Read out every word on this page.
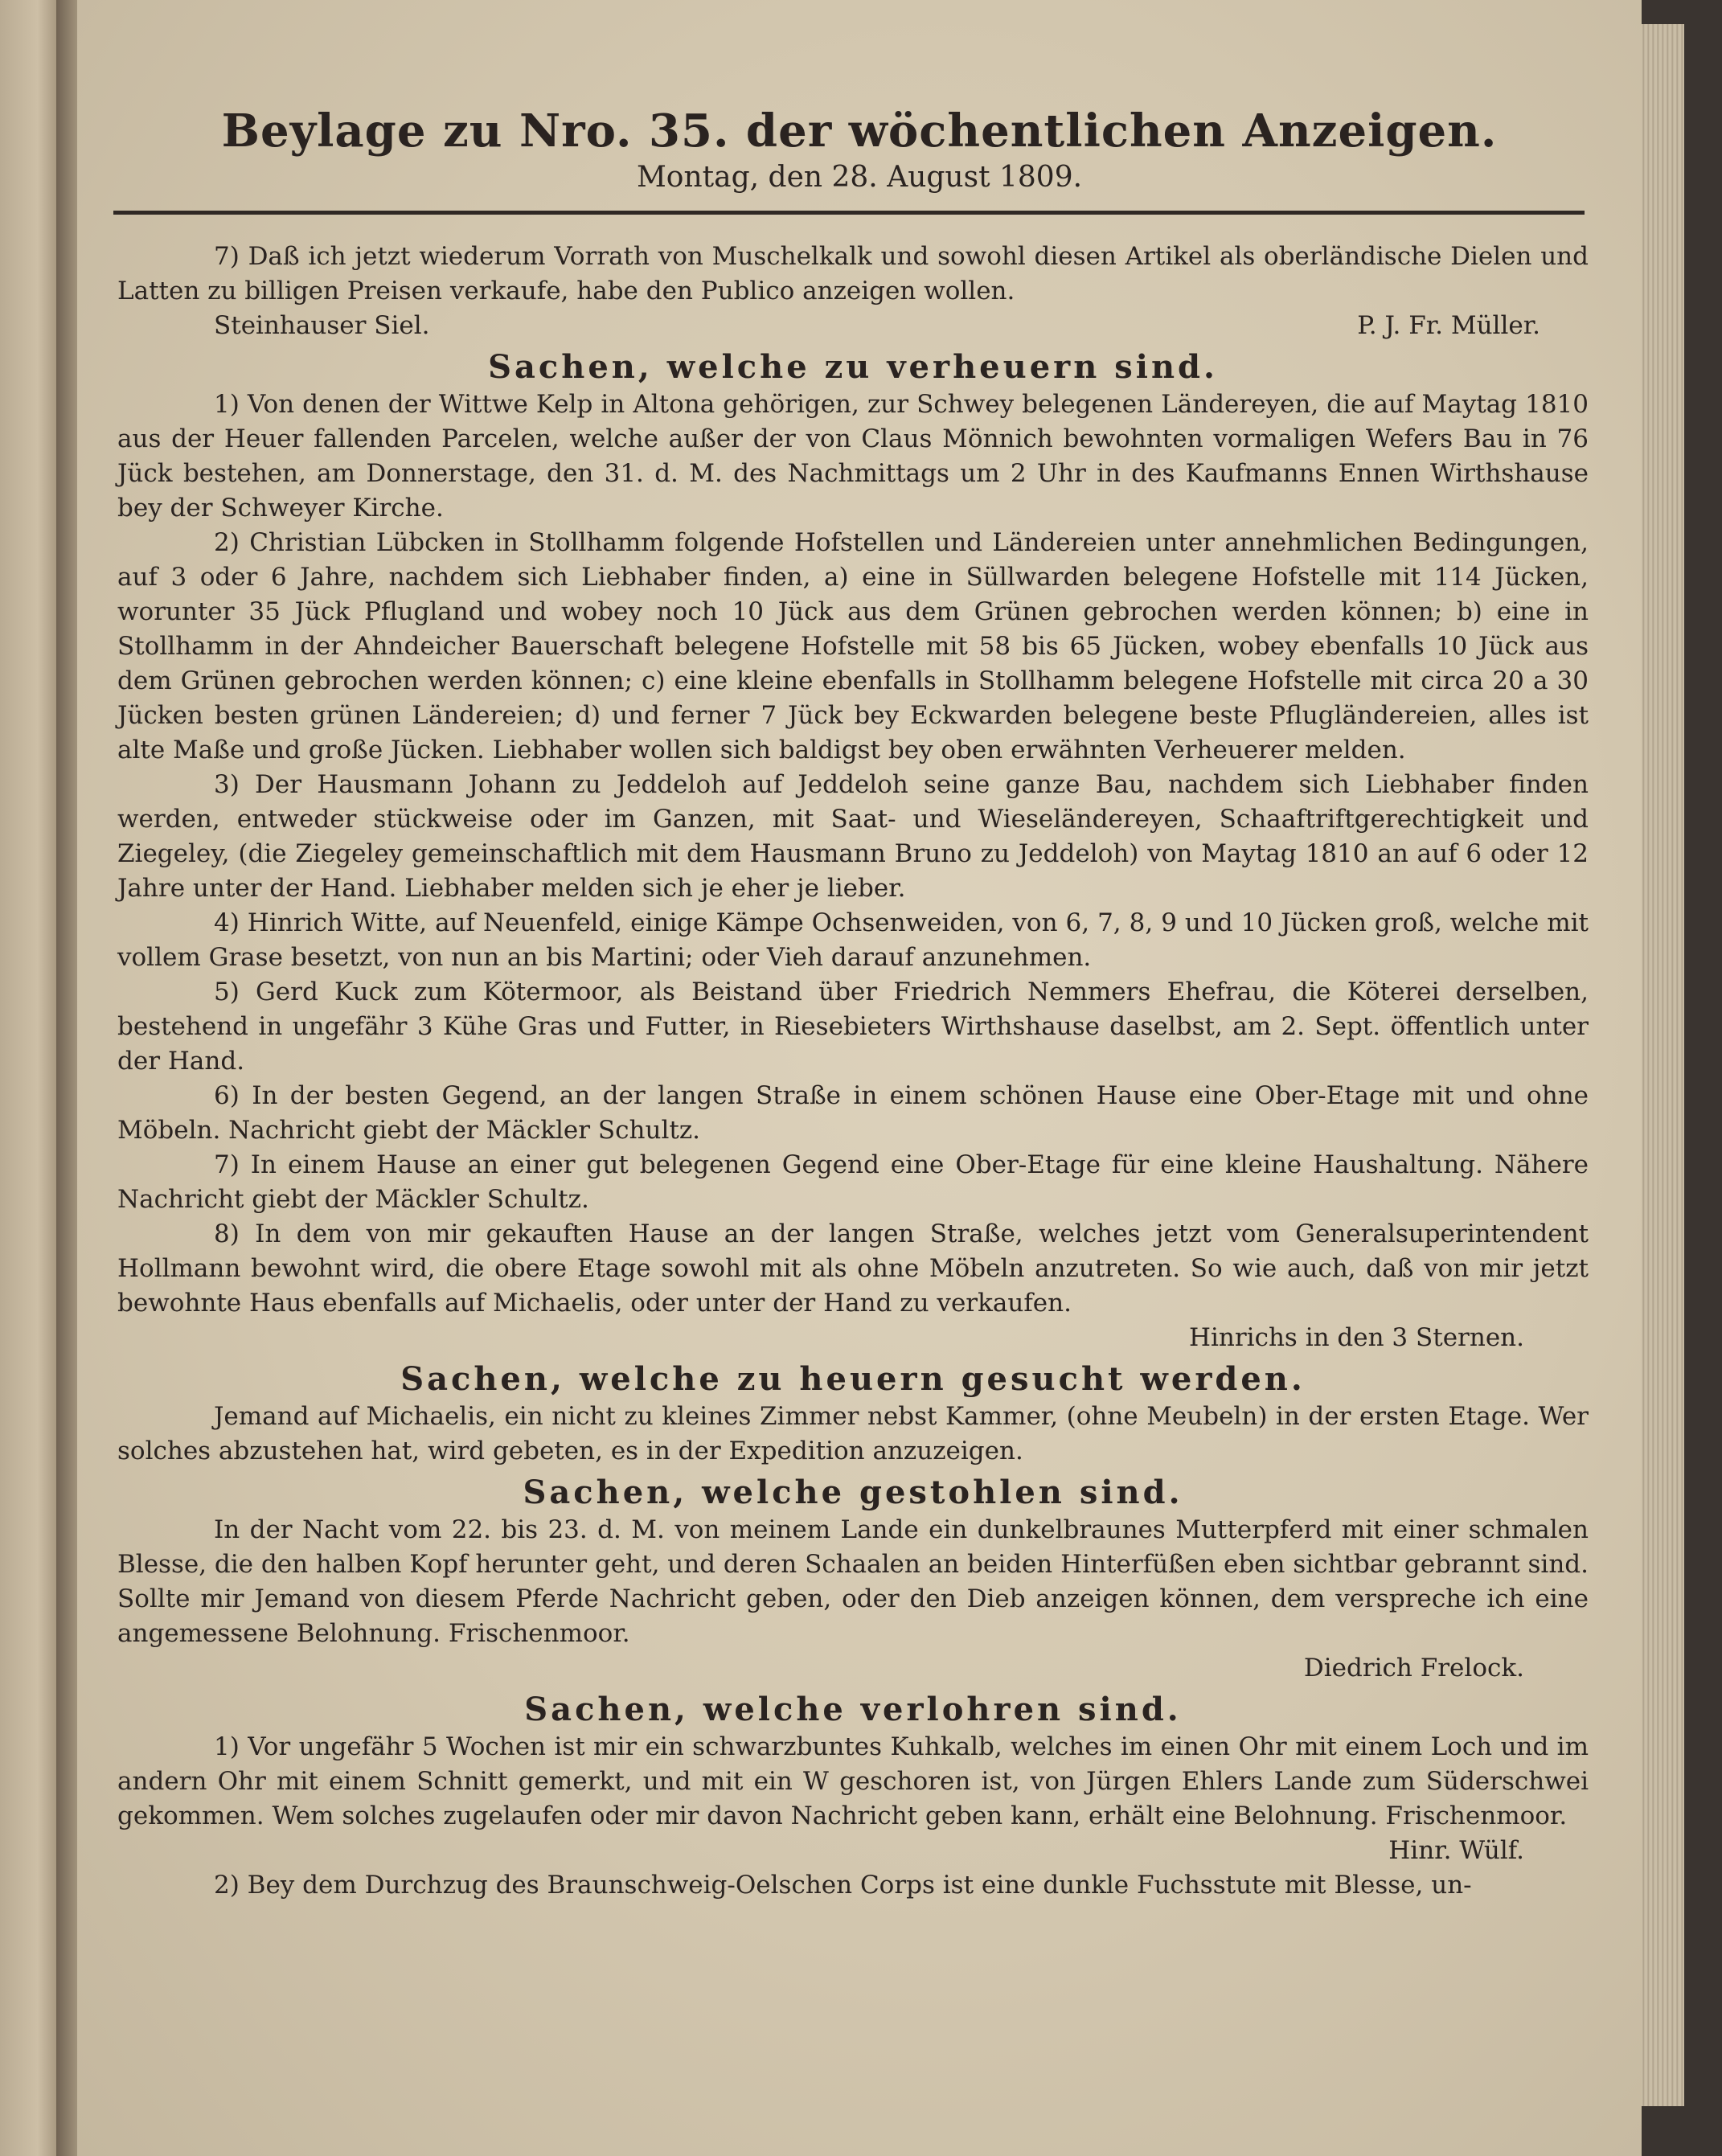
Beylage zu Nro. 35. der wöchentlichen Anzeigen.
Montag, den 28. August 1809.

7) Daß ich jetzt wiederum Vorrath von Muschelkalk und sowohl diesen Artikel als oberländische Dielen und Latten zu billigen Preisen verkaufe, habe den Publico anzeigen wollen.

Steinhauser Siel.	P. J. Fr. Müller.
Sachen, welche zu verheuern sind.

1) Von denen der Wittwe Kelp in Altona gehörigen, zur Schwey belegenen Ländereyen, die auf Maytag 1810 aus der Heuer fallenden Parcelen, welche außer der von Claus Mönnich bewohnten vormaligen Wefers Bau in 76 Jück bestehen, am Donnerstage, den 31. d. M. des Nachmittags um 2 Uhr in des Kaufmanns Ennen Wirthshause bey der Schweyer Kirche.

2) Christian Lübcken in Stollhamm folgende Hofstellen und Ländereien unter annehmlichen Bedingungen, auf 3 oder 6 Jahre, nachdem sich Liebhaber finden, a) eine in Süllwarden belegene Hofstelle mit 114 Jücken, worunter 35 Jück Pflugland und wobey noch 10 Jück aus dem Grünen gebrochen werden können; b) eine in Stollhamm in der Ahndeicher Bauerschaft belegene Hofstelle mit 58 bis 65 Jücken, wobey ebenfalls 10 Jück aus dem Grünen gebrochen werden können; c) eine kleine ebenfalls in Stollhamm belegene Hofstelle mit circa 20 a 30 Jücken besten grünen Ländereien; d) und ferner 7 Jück bey Eckwarden belegene beste Pflugländereien, alles ist alte Maße und große Jücken. Liebhaber wollen sich baldigst bey oben erwähnten Verheuerer melden.

3) Der Hausmann Johann zu Jeddeloh auf Jeddeloh seine ganze Bau, nachdem sich Liebhaber finden werden, entweder stückweise oder im Ganzen, mit Saat- und Wieseländereyen, Schaaftriftgerechtigkeit und Ziegeley, (die Ziegeley gemeinschaftlich mit dem Hausmann Bruno zu Jeddeloh) von Maytag 1810 an auf 6 oder 12 Jahre unter der Hand. Liebhaber melden sich je eher je lieber.

4) Hinrich Witte, auf Neuenfeld, einige Kämpe Ochsenweiden, von 6, 7, 8, 9 und 10 Jücken groß, welche mit vollem Grase besetzt, von nun an bis Martini; oder Vieh darauf anzunehmen.

5) Gerd Kuck zum Kötermoor, als Beistand über Friedrich Nemmers Ehefrau, die Köterei derselben, bestehend in ungefähr 3 Kühe Gras und Futter, in Riesebieters Wirthshause daselbst, am 2. Sept. öffentlich unter der Hand.

6) In der besten Gegend, an der langen Straße in einem schönen Hause eine Ober-Etage mit und ohne Möbeln. Nachricht giebt der Mäckler Schultz.

7) In einem Hause an einer gut belegenen Gegend eine Ober-Etage für eine kleine Haushaltung. Nähere Nachricht giebt der Mäckler Schultz.

8) In dem von mir gekauften Hause an der langen Straße, welches jetzt vom Generalsuperintendent Hollmann bewohnt wird, die obere Etage sowohl mit als ohne Möbeln anzutreten. So wie auch, daß von mir jetzt bewohnte Haus ebenfalls auf Michaelis, oder unter der Hand zu verkaufen.

Hinrichs in den 3 Sternen.

Sachen, welche zu heuern gesucht werden.

Jemand auf Michaelis, ein nicht zu kleines Zimmer nebst Kammer, (ohne Meubeln) in der ersten Etage. Wer solches abzustehen hat, wird gebeten, es in der Expedition anzuzeigen.

Sachen, welche gestohlen sind.

In der Nacht vom 22. bis 23. d. M. von meinem Lande ein dunkelbraunes Mutterpferd mit einer schmalen Blesse, die den halben Kopf herunter geht, und deren Schaalen an beiden Hinterfüßen eben sichtbar gebrannt sind. Sollte mir Jemand von diesem Pferde Nachricht geben, oder den Dieb anzeigen können, dem verspreche ich eine angemessene Belohnung. Frischenmoor.

Diedrich Frelock.

Sachen, welche verlohren sind.

1) Vor ungefähr 5 Wochen ist mir ein schwarzbuntes Kuhkalb, welches im einen Ohr mit einem Loch und im andern Ohr mit einem Schnitt gemerkt, und mit ein W geschoren ist, von Jürgen Ehlers Lande zum Süderschwei gekommen. Wem solches zugelaufen oder mir davon Nachricht geben kann, erhält eine Belohnung. Frischenmoor.

Hinr. Wülf.

2) Bey dem Durchzug des Braunschweig-Oelschen Corps ist eine dunkle Fuchsstute mit Blesse, un-
